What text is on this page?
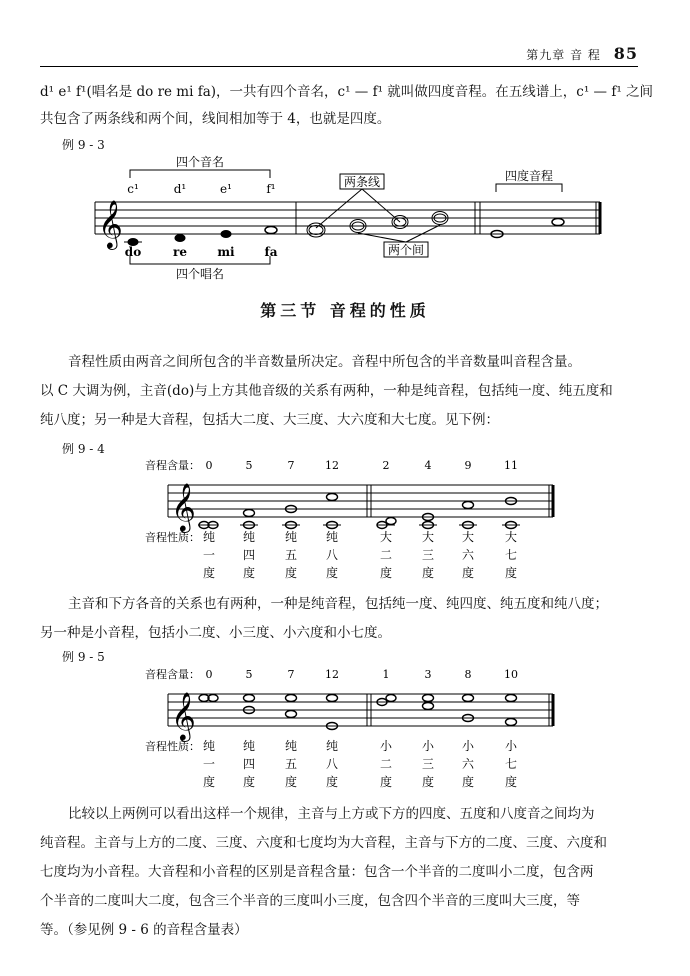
第九章 音 程 85
d¹ e¹ f¹(唱名是 do re mi fa)，一共有四个音名，c¹ — f¹ 就叫做四度音程。在五线谱上，c¹ — f¹ 之间
共包含了两条线和两个间，线间相加等于 4，也就是四度。
例 9 - 3
𝄞
四个音名
c¹	d¹	e¹	f¹
do	re	mi fa
四个唱名
两条线
两个间
四度音程
第三节 音程的性质
音程性质由两音之间所包含的半音数量所决定。音程中所包含的半音数量叫音程含量。
以 C 大调为例，主音(do)与上方其他音级的关系有两种，一种是纯音程，包括纯一度、纯五度和
纯八度；另一种是大音程，包括大二度、大三度、大六度和大七度。见下例：
例 9 - 4
音程含量： 0	5	7	12	2	4	9	11
𝄞
音程性质： 纯 纯 纯 纯	大 大 大	大
一 四 五 八	二 三 六	七
度 度 度 度	度 度 度	度
主音和下方各音的关系也有两种，一种是纯音程，包括纯一度、纯四度、纯五度和纯八度；
另一种是小音程，包括小二度、小三度、小六度和小七度。
例 9 - 5
音程含量： 0	5	7	12	1	3	8	10
𝄞
音程性质： 纯 纯 纯 纯	小 小 小	小
一 四 五 八	二 三 六	七
度 度 度 度	度 度 度	度
比较以上两例可以看出这样一个规律，主音与上方或下方的四度、五度和八度音之间均为
纯音程。主音与上方的二度、三度、六度和七度均为大音程，主音与下方的二度、三度、六度和
七度均为小音程。大音程和小音程的区别是音程含量：包含一个半音的二度叫小二度，包含两
个半音的二度叫大二度，包含三个半音的三度叫小三度，包含四个半音的三度叫大三度，等
等。（参见例 9 - 6 的音程含量表）
